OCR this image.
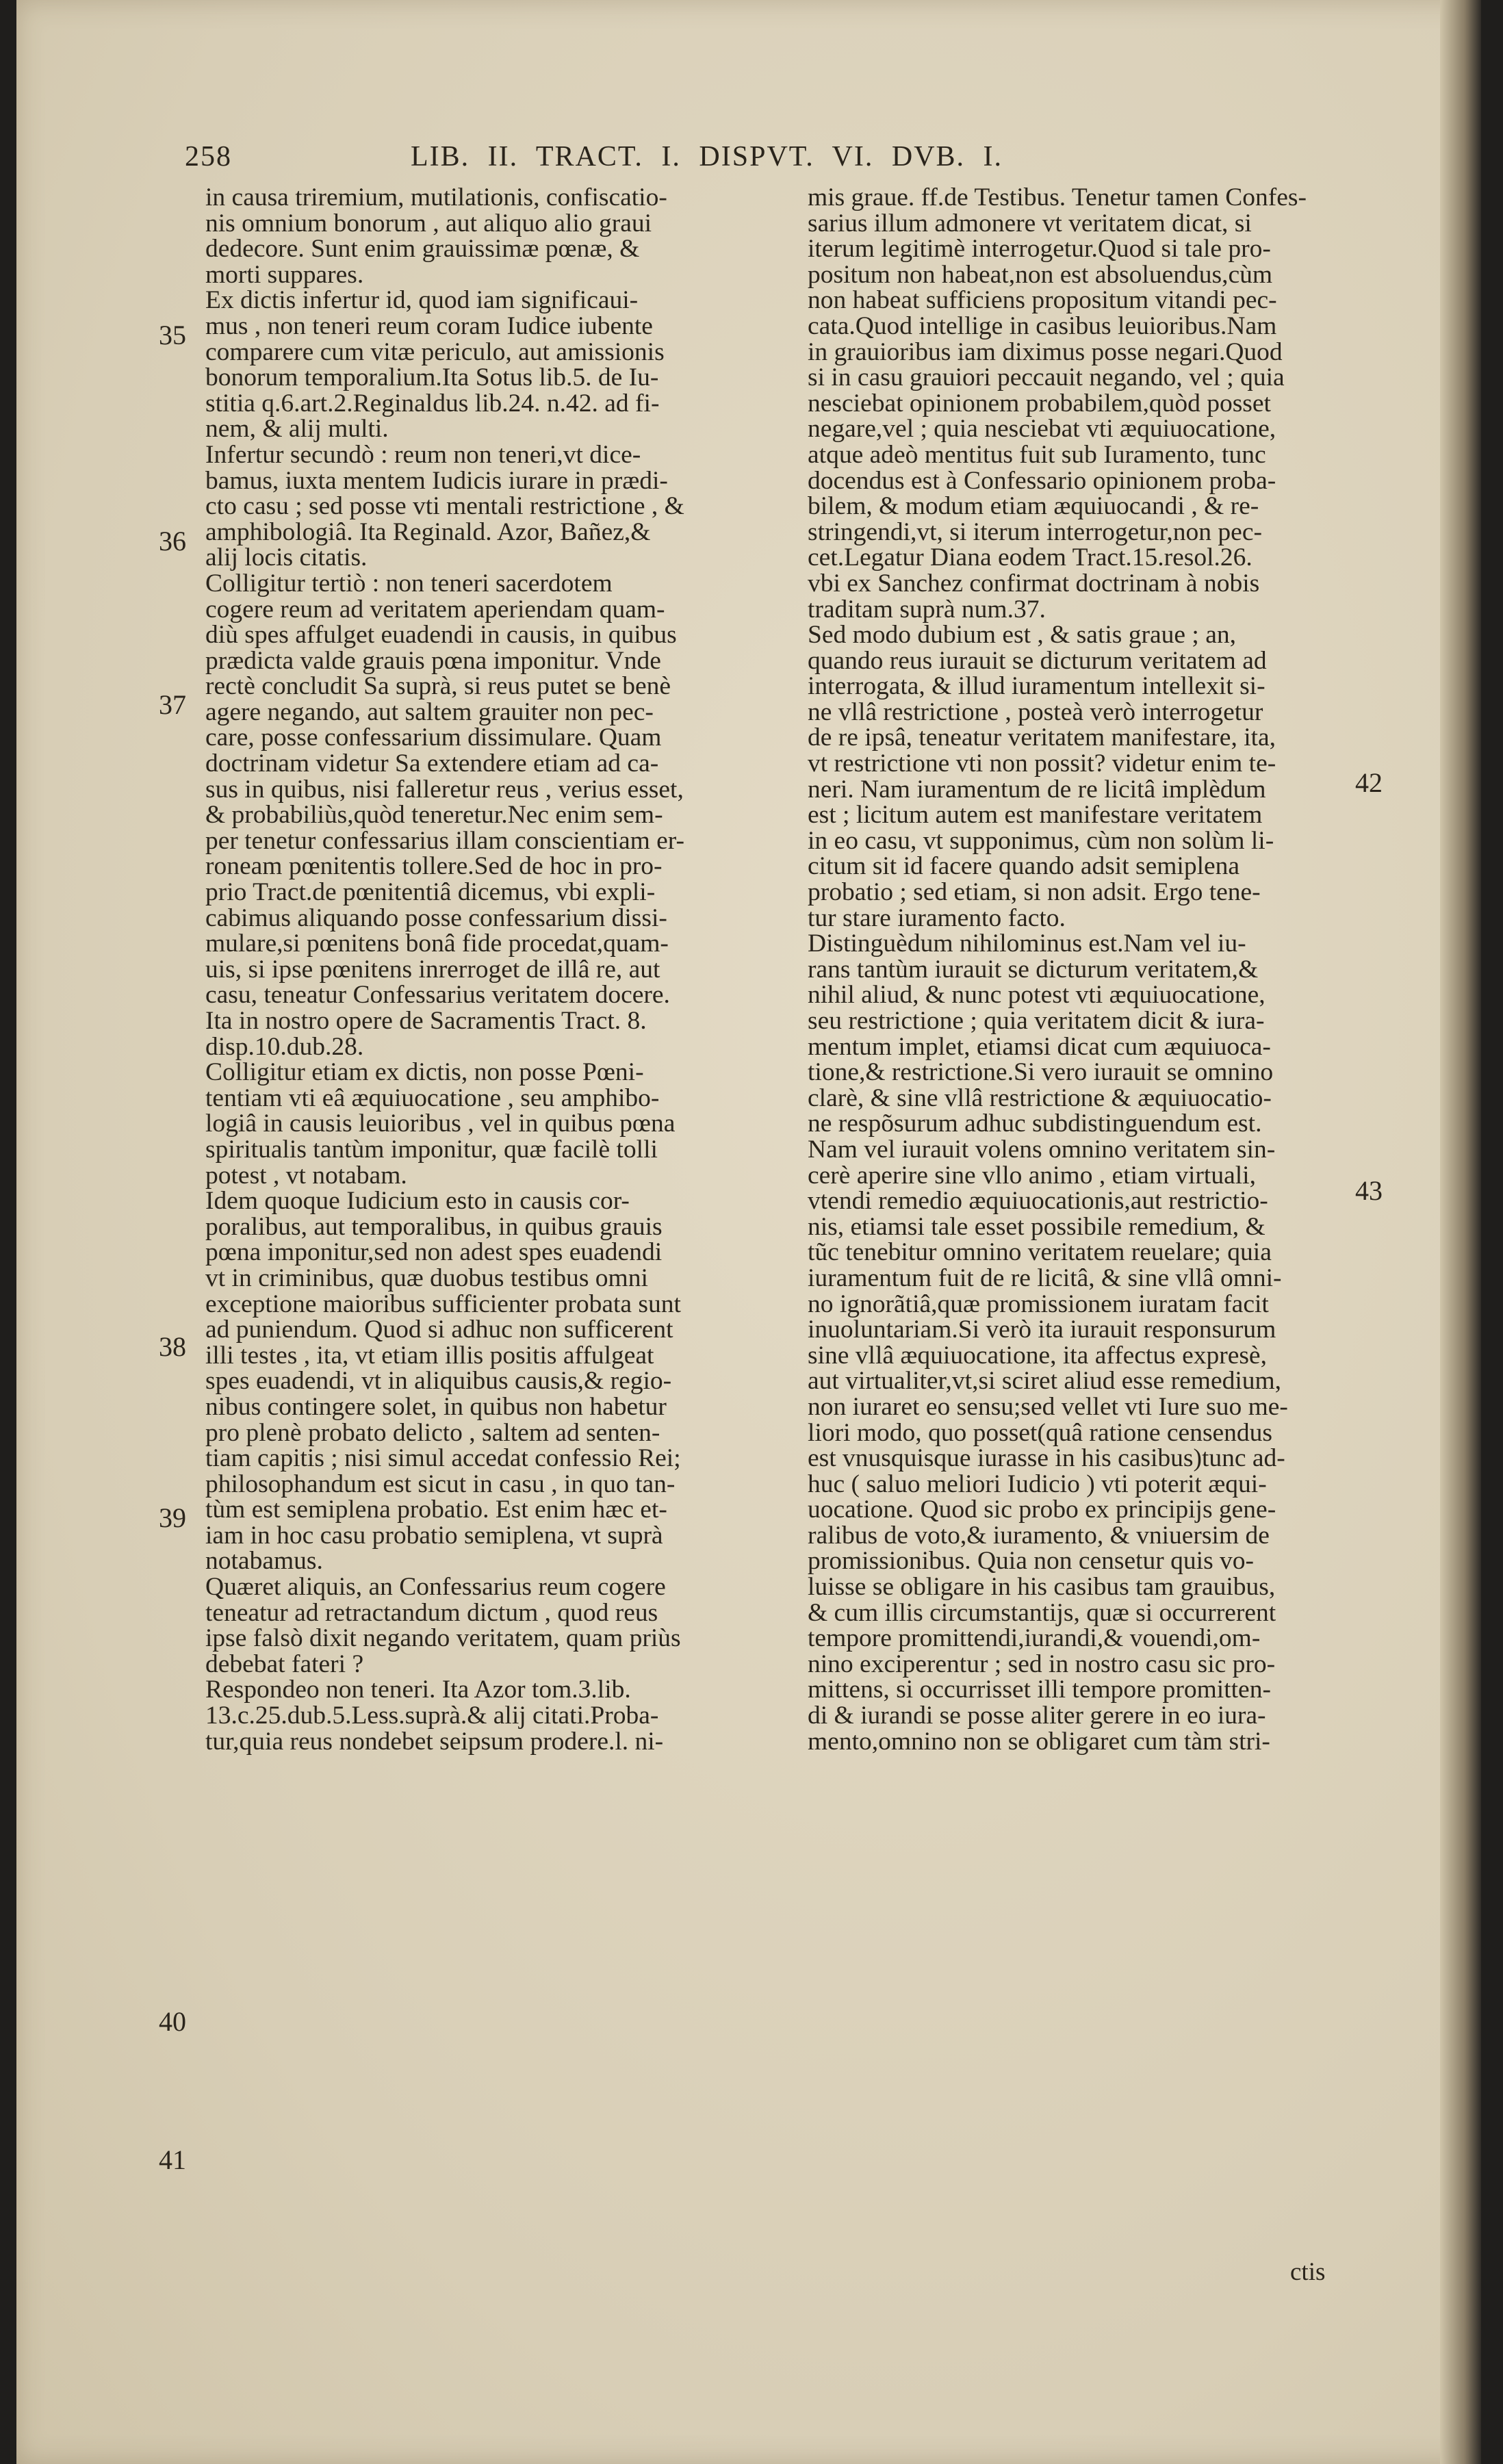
258	LIB. II. TRACT. I. DISPVT. VI. DVB. I.
in causa triremium, mutilationis, confiscatio-
nis omnium bonorum , aut aliquo alio graui
dedecore. Sunt enim grauissimæ pœnæ, &
morti suppares.
Ex dictis infertur id, quod iam significaui-
mus , non teneri reum coram Iudice iubente
comparere cum vitæ periculo, aut amissionis
bonorum temporalium.Ita Sotus lib.5. de Iu-
stitia q.6.art.2.Reginaldus lib.24. n.42. ad fi-
nem, & alij multi.
Infertur secundò : reum non teneri,vt dice-
bamus, iuxta mentem Iudicis iurare in prædi-
cto casu ; sed posse vti mentali restrictione , &
amphibologiâ. Ita Reginald. Azor, Bañez,&
alij locis citatis.
Colligitur tertiò : non teneri sacerdotem
cogere reum ad veritatem aperiendam quam-
diù spes affulget euadendi in causis, in quibus
prædicta valde grauis pœna imponitur. Vnde
rectè concludit Sa suprà, si reus putet se benè
agere negando, aut saltem grauiter non pec-
care, posse confessarium dissimulare. Quam
doctrinam videtur Sa extendere etiam ad ca-
sus in quibus, nisi falleretur reus , verius esset,
& probabiliùs,quòd teneretur.Nec enim sem-
per tenetur confessarius illam conscientiam er-
roneam pœnitentis tollere.Sed de hoc in pro-
prio Tract.de pœnitentiâ dicemus, vbi expli-
cabimus aliquando posse confessarium dissi-
mulare,si pœnitens bonâ fide procedat,quam-
uis, si ipse pœnitens inrerroget de illâ re, aut
casu, teneatur Confessarius veritatem docere.
Ita in nostro opere de Sacramentis Tract. 8.
disp.10.dub.28.
Colligitur etiam ex dictis, non posse Pœni-
tentiam vti eâ æquiuocatione , seu amphibo-
logiâ in causis leuioribus , vel in quibus pœna
spiritualis tantùm imponitur, quæ facilè tolli
potest , vt notabam.
Idem quoque Iudicium esto in causis cor-
poralibus, aut temporalibus, in quibus grauis
pœna imponitur,sed non adest spes euadendi
vt in criminibus, quæ duobus testibus omni
exceptione maioribus sufficienter probata sunt
ad puniendum. Quod si adhuc non sufficerent
illi testes , ita, vt etiam illis positis affulgeat
spes euadendi, vt in aliquibus causis,& regio-
nibus contingere solet, in quibus non habetur
pro plenè probato delicto , saltem ad senten-
tiam capitis ; nisi simul accedat confessio Rei;
philosophandum est sicut in casu , in quo tan-
tùm est semiplena probatio. Est enim hæc et-
iam in hoc casu probatio semiplena, vt suprà
notabamus.
Quæret aliquis, an Confessarius reum cogere
teneatur ad retractandum dictum , quod reus
ipse falsò dixit negando veritatem, quam priùs
debebat fateri ?
Respondeo non teneri. Ita Azor tom.3.lib.
13.c.25.dub.5.Less.suprà.& alij citati.Proba-
tur,quia reus nondebet seipsum prodere.l. ni-
mis graue. ff.de Testibus. Tenetur tamen Confes-
sarius illum admonere vt veritatem dicat, si
iterum legitimè interrogetur.Quod si tale pro-
positum non habeat,non est absoluendus,cùm
non habeat sufficiens propositum vitandi pec-
cata.Quod intellige in casibus leuioribus.Nam
in grauioribus iam diximus posse negari.Quod
si in casu grauiori peccauit negando, vel ; quia
nesciebat opinionem probabilem,quòd posset
negare,vel ; quia nesciebat vti æquiuocatione,
atque adeò mentitus fuit sub Iuramento, tunc
docendus est à Confessario opinionem proba-
bilem, & modum etiam æquiuocandi , & re-
stringendi,vt, si iterum interrogetur,non pec-
cet.Legatur Diana eodem Tract.15.resol.26.
vbi ex Sanchez confirmat doctrinam à nobis
traditam suprà num.37.
Sed modo dubium est , & satis graue ; an,
quando reus iurauit se dicturum veritatem ad
interrogata, & illud iuramentum intellexit si-
ne vllâ restrictione , posteà verò interrogetur
de re ipsâ, teneatur veritatem manifestare, ita,
vt restrictione vti non possit? videtur enim te-
neri. Nam iuramentum de re licitâ implèdum
est ; licitum autem est manifestare veritatem
in eo casu, vt supponimus, cùm non solùm li-
citum sit id facere quando adsit semiplena
probatio ; sed etiam, si non adsit. Ergo tene-
tur stare iuramento facto.
Distinguèdum nihilominus est.Nam vel iu-
rans tantùm iurauit se dicturum veritatem,&
nihil aliud, & nunc potest vti æquiuocatione,
seu restrictione ; quia veritatem dicit & iura-
mentum implet, etiamsi dicat cum æquiuoca-
tione,& restrictione.Si vero iurauit se omnino
clarè, & sine vllâ restrictione & æquiuocatio-
ne respõsurum adhuc subdistinguendum est.
Nam vel iurauit volens omnino veritatem sin-
cerè aperire sine vllo animo , etiam virtuali,
vtendi remedio æquiuocationis,aut restrictio-
nis, etiamsi tale esset possibile remedium, &
tũc tenebitur omnino veritatem reuelare; quia
iuramentum fuit de re licitâ, & sine vllâ omni-
no ignorãtiâ,quæ promissionem iuratam facit
inuoluntariam.Si verò ita iurauit responsurum
sine vllâ æquiuocatione, ita affectus expresè,
aut virtualiter,vt,si sciret aliud esse remedium,
non iuraret eo sensu;sed vellet vti Iure suo me-
liori modo, quo posset(quâ ratione censendus
est vnusquisque iurasse in his casibus)tunc ad-
huc ( saluo meliori Iudicio ) vti poterit æqui-
uocatione. Quod sic probo ex principijs gene-
ralibus de voto,& iuramento, & vniuersim de
promissionibus. Quia non censetur quis vo-
luisse se obligare in his casibus tam grauibus,
& cum illis circumstantijs, quæ si occurrerent
tempore promittendi,iurandi,& vouendi,om-
nino exciperentur ; sed in nostro casu sic pro-
mittens, si occurrisset illi tempore promitten-
di & iurandi se posse aliter gerere in eo iura-
mento,omnino non se obligaret cum tàm stri-
35
36
37
38
39
40
41
42
43
ctis
